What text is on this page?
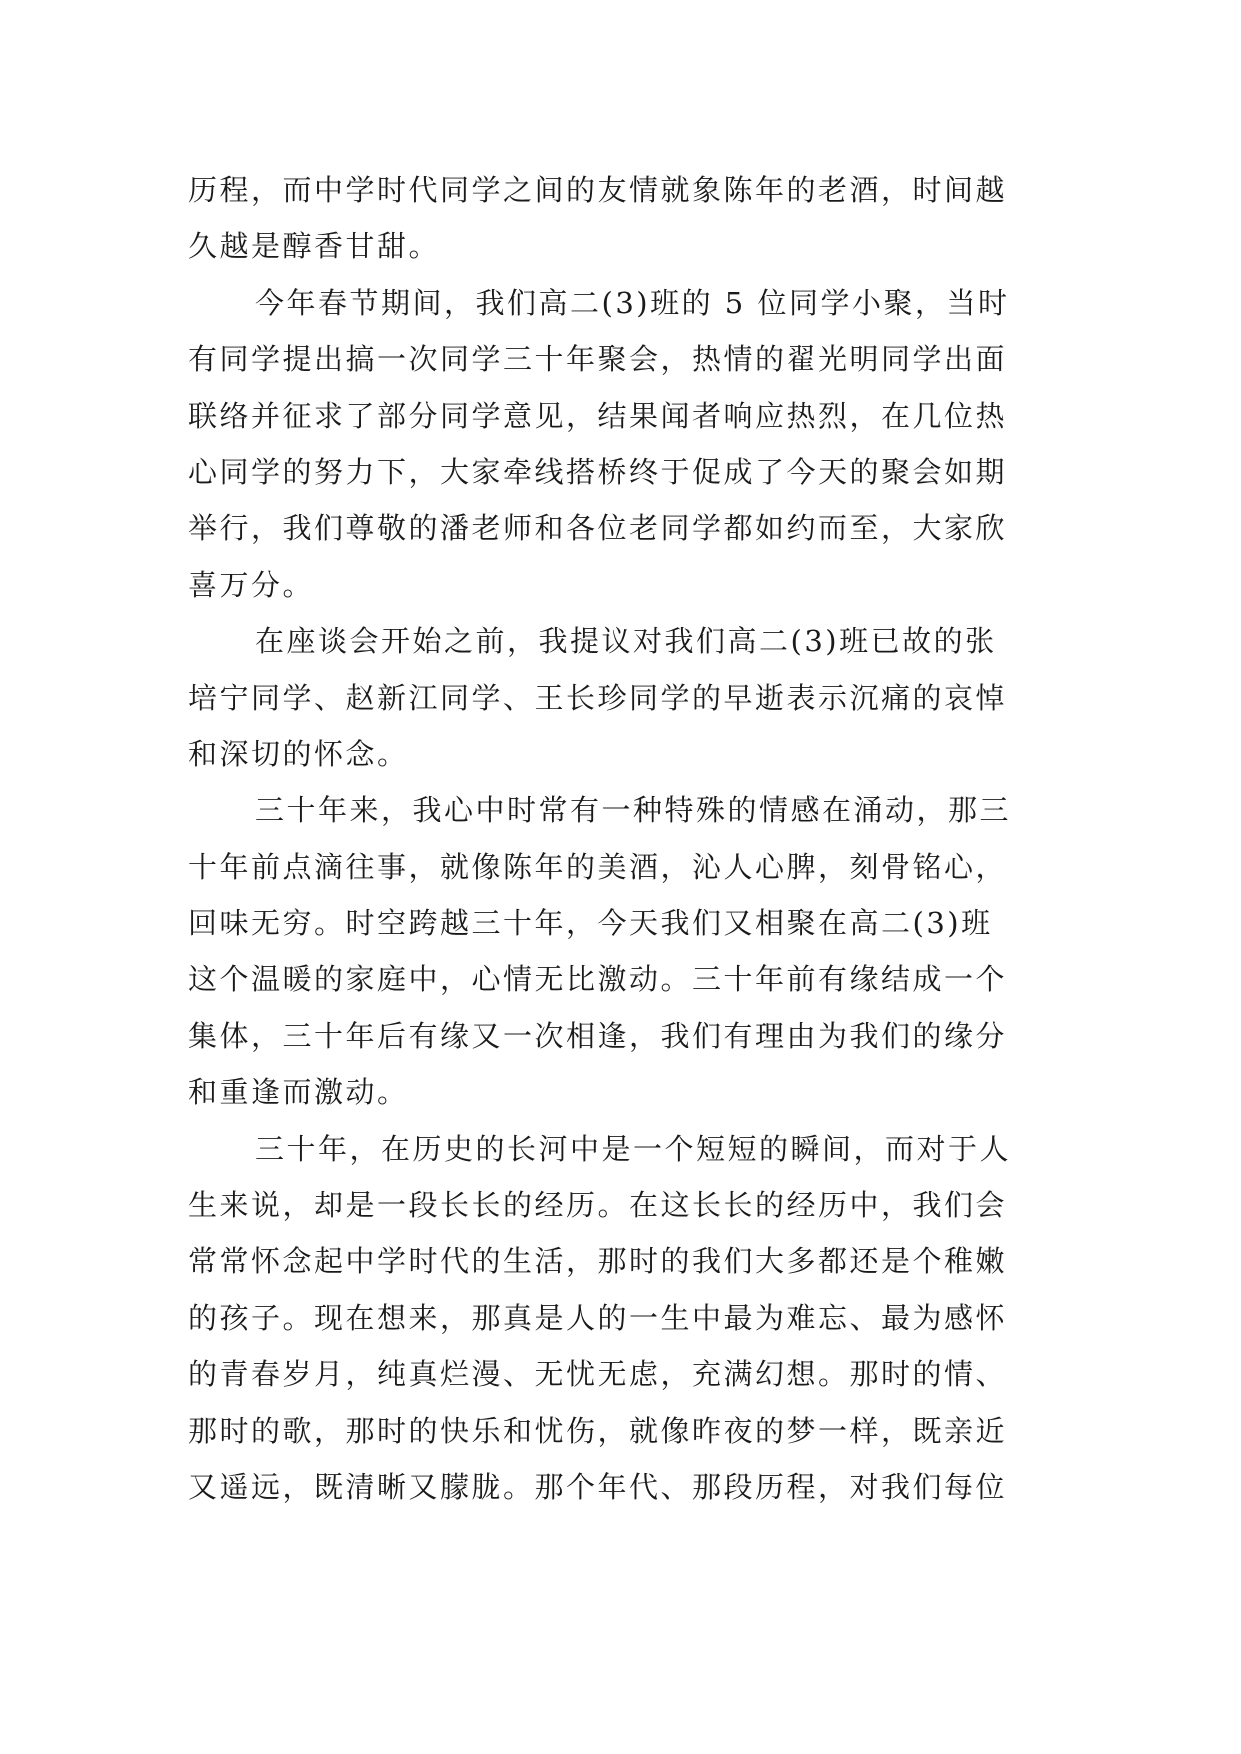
历程，而中学时代同学之间的友情就象陈年的老酒，时间越
久越是醇香甘甜。
今年春节期间，我们高二(3)班的 5 位同学小聚，当时
有同学提出搞一次同学三十年聚会，热情的翟光明同学出面
联络并征求了部分同学意见，结果闻者响应热烈，在几位热
心同学的努力下，大家牵线搭桥终于促成了今天的聚会如期
举行，我们尊敬的潘老师和各位老同学都如约而至，大家欣
喜万分。
在座谈会开始之前，我提议对我们高二(3)班已故的张
培宁同学、赵新江同学、王长珍同学的早逝表示沉痛的哀悼
和深切的怀念。
三十年来，我心中时常有一种特殊的情感在涌动，那三
十年前点滴往事，就像陈年的美酒，沁人心脾，刻骨铭心，
回味无穷。时空跨越三十年，今天我们又相聚在高二(3)班
这个温暖的家庭中，心情无比激动。三十年前有缘结成一个
集体，三十年后有缘又一次相逢，我们有理由为我们的缘分
和重逢而激动。
三十年，在历史的长河中是一个短短的瞬间，而对于人
生来说，却是一段长长的经历。在这长长的经历中，我们会
常常怀念起中学时代的生活，那时的我们大多都还是个稚嫩
的孩子。现在想来，那真是人的一生中最为难忘、最为感怀
的青春岁月，纯真烂漫、无忧无虑，充满幻想。那时的情、
那时的歌，那时的快乐和忧伤，就像昨夜的梦一样，既亲近
又遥远，既清晰又朦胧。那个年代、那段历程，对我们每位
